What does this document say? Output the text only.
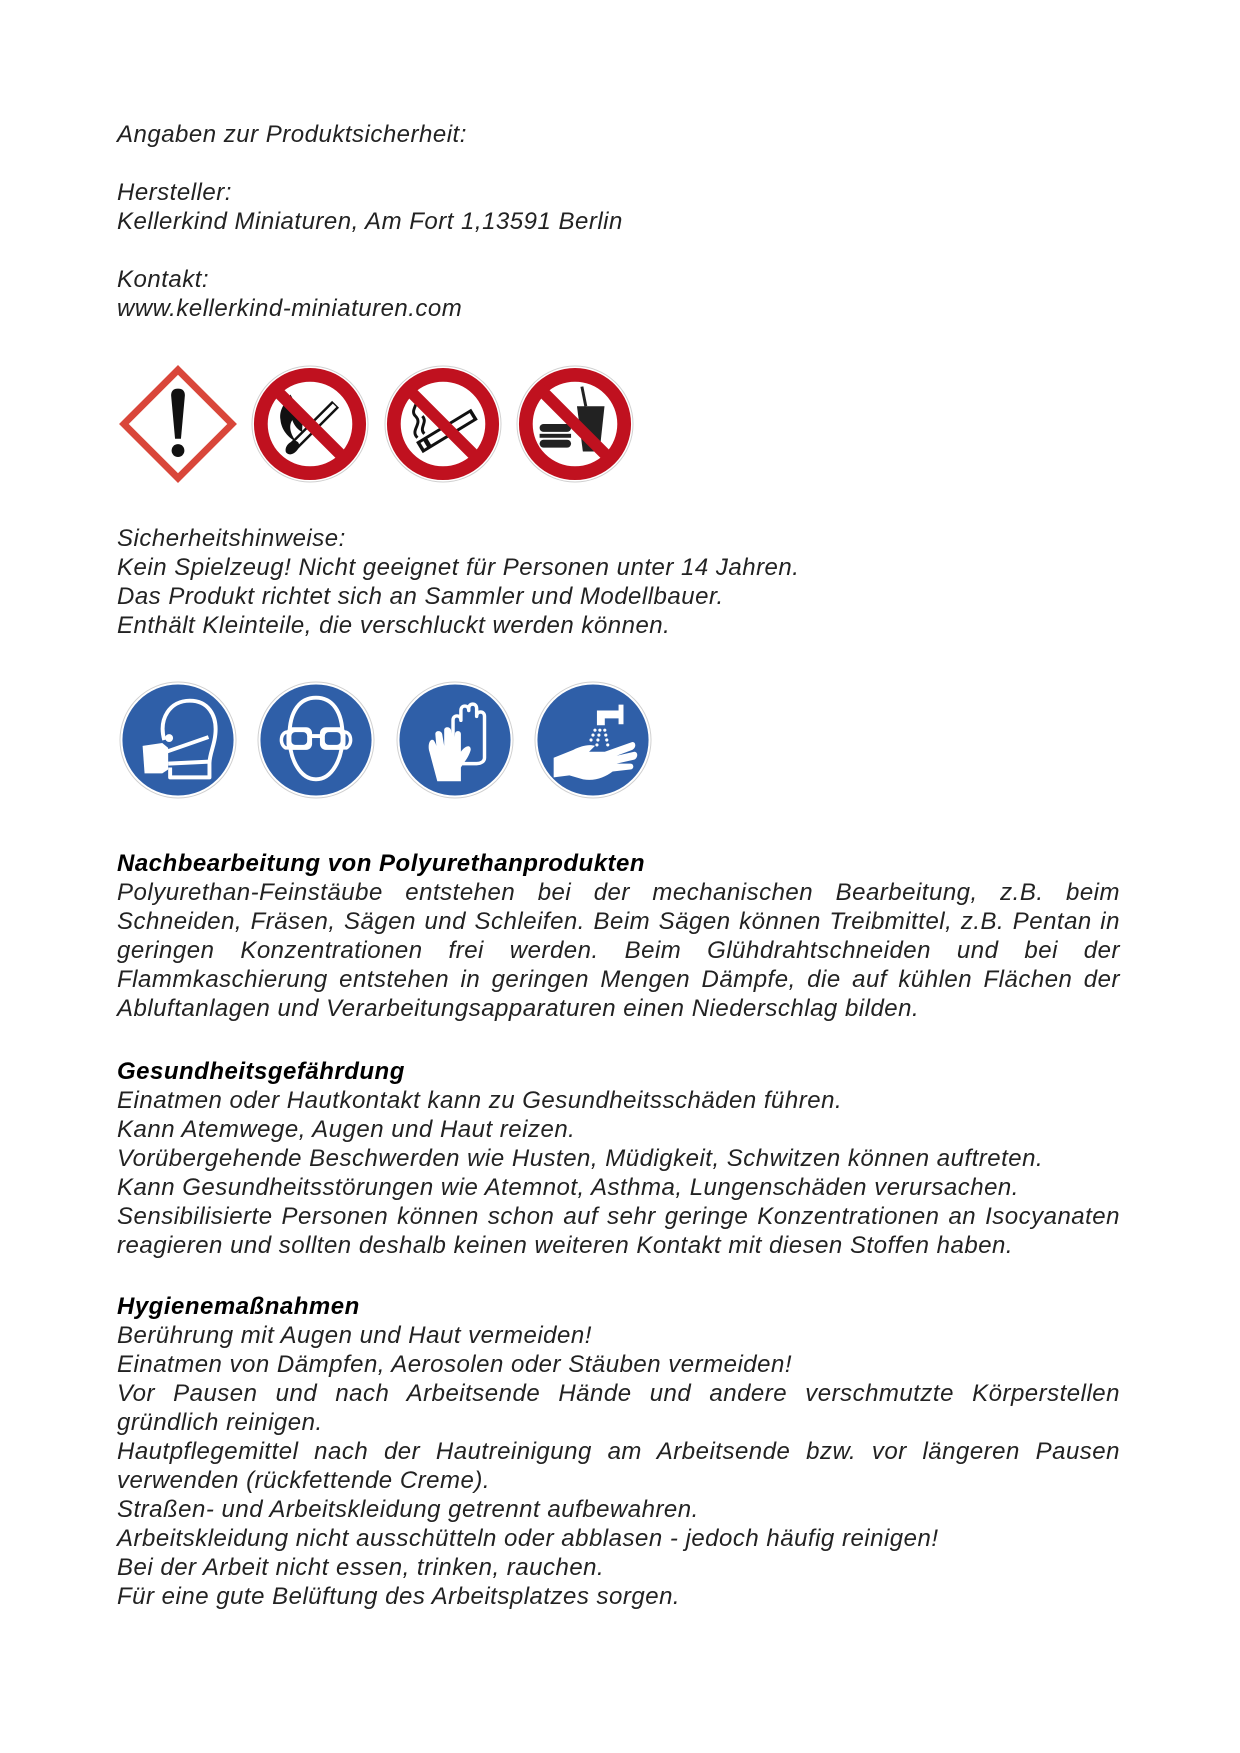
Angaben zur Produktsicherheit:
Hersteller:
Kellerkind Miniaturen, Am Fort 1,13591 Berlin
Kontakt:
www.kellerkind-miniaturen.com
Sicherheitshinweise:
Kein Spielzeug! Nicht geeignet für Personen unter 14 Jahren.
Das Produkt richtet sich an Sammler und Modellbauer.
Enthält Kleinteile, die verschluckt werden können.
Nachbearbeitung von Polyurethanprodukten
Polyurethan-Feinstäube entstehen bei der mechanischen Bearbeitung, z.B. beim
Schneiden, Fräsen, Sägen und Schleifen. Beim Sägen können Treibmittel, z.B. Pentan in
geringen Konzentrationen frei werden. Beim Glühdrahtschneiden und bei der
Flammkaschierung entstehen in geringen Mengen Dämpfe, die auf kühlen Flächen der
Abluftanlagen und Verarbeitungsapparaturen einen Niederschlag bilden.
Gesundheitsgefährdung
Einatmen oder Hautkontakt kann zu Gesundheitsschäden führen.
Kann Atemwege, Augen und Haut reizen.
Vorübergehende Beschwerden wie Husten, Müdigkeit, Schwitzen können auftreten.
Kann Gesundheitsstörungen wie Atemnot, Asthma, Lungenschäden verursachen.
Sensibilisierte Personen können schon auf sehr geringe Konzentrationen an Isocyanaten
reagieren und sollten deshalb keinen weiteren Kontakt mit diesen Stoffen haben.
Hygienemaßnahmen
Berührung mit Augen und Haut vermeiden!
Einatmen von Dämpfen, Aerosolen oder Stäuben vermeiden!
Vor Pausen und nach Arbeitsende Hände und andere verschmutzte Körperstellen
gründlich reinigen.
Hautpflegemittel nach der Hautreinigung am Arbeitsende bzw. vor längeren Pausen
verwenden (rückfettende Creme).
Straßen- und Arbeitskleidung getrennt aufbewahren.
Arbeitskleidung nicht ausschütteln oder abblasen - jedoch häufig reinigen!
Bei der Arbeit nicht essen, trinken, rauchen.
Für eine gute Belüftung des Arbeitsplatzes sorgen.
